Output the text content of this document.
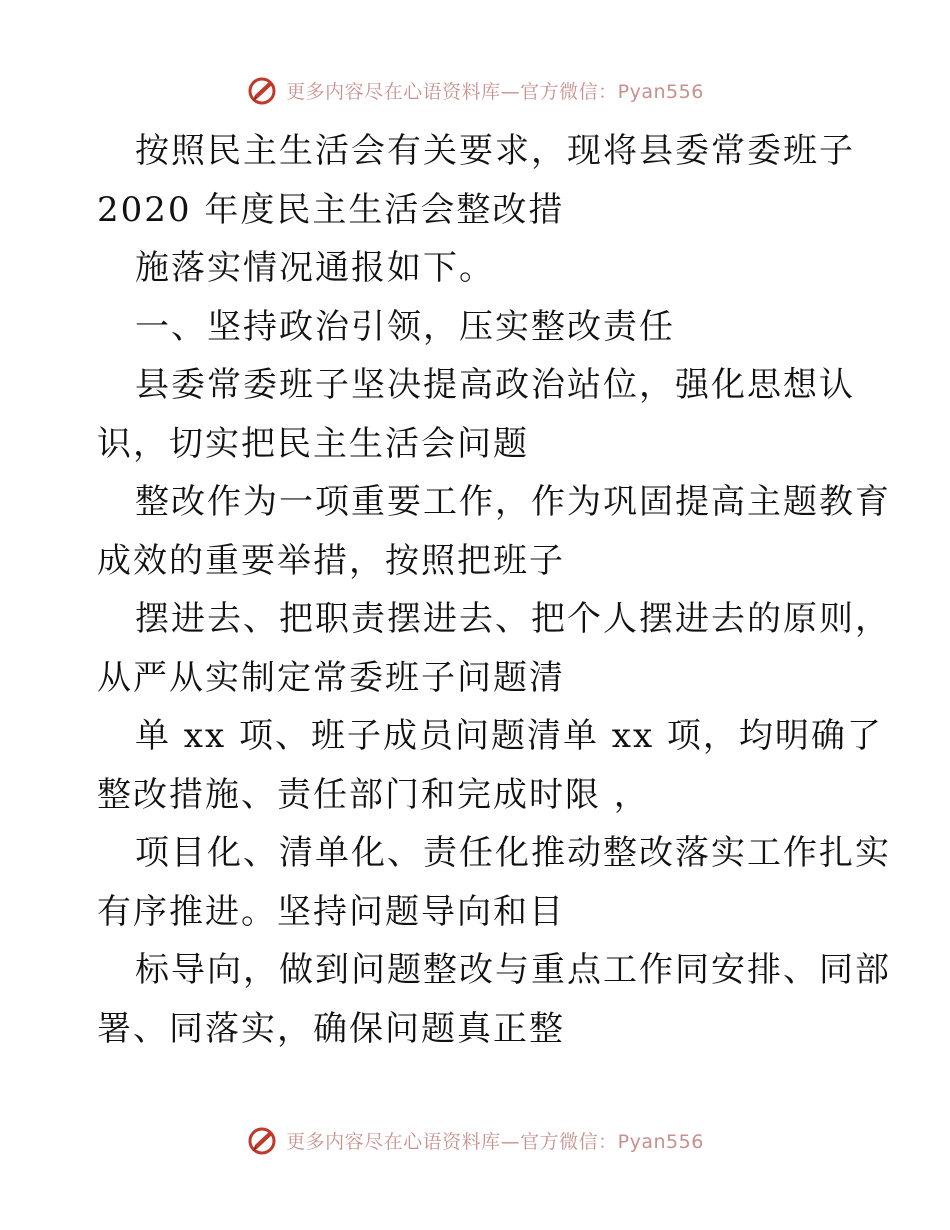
更多内容尽在心语资料库—官方微信：Pyan556
按照民主生活会有关要求，现将县委常委班子
2020 年度民主生活会整改措
施落实情况通报如下。
一、坚持政治引领，压实整改责任
县委常委班子坚决提高政治站位，强化思想认
识，切实把民主生活会问题
整改作为一项重要工作，作为巩固提高主题教育
成效的重要举措，按照把班子
摆进去、把职责摆进去、把个人摆进去的原则，
从严从实制定常委班子问题清
单 xx 项、班子成员问题清单 xx 项，均明确了
整改措施、责任部门和完成时限 ，
项目化、清单化、责任化推动整改落实工作扎实
有序推进。坚持问题导向和目
标导向，做到问题整改与重点工作同安排、同部
署、同落实，确保问题真正整
更多内容尽在心语资料库—官方微信：Pyan556
